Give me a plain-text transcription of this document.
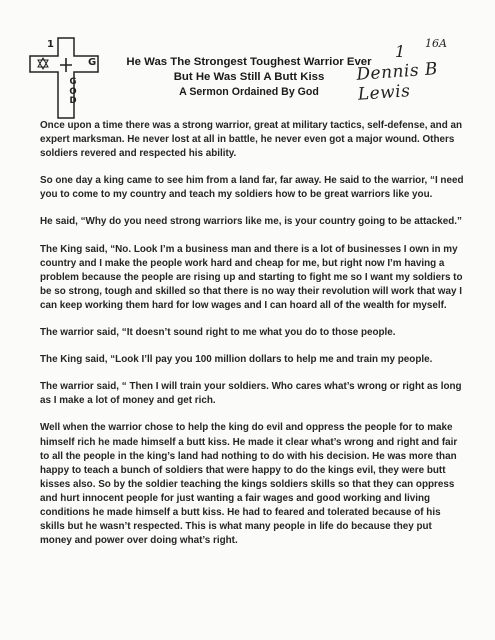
1
G
G
O
D
1 16A
Dennis B Lewis
He Was The Strongest Toughest Warrior Ever
But He Was Still A Butt Kiss
A Sermon Ordained By God

Once upon a time there was a strong warrior, great at military tactics, self-defense, and an expert marksman. He never lost at all in battle, he never even got a major wound. Others soldiers revered and respected his ability.

So one day a king came to see him from a land far, far away. He said to the warrior, “I need you to come to my country and teach my soldiers how to be great warriors like you.

He said, “Why do you need strong warriors like me, is your country going to be attacked.”

The King said, “No. Look I’m a business man and there is a lot of businesses I own in my country and I make the people work hard and cheap for me, but right now I’m having a problem because the people are rising up and starting to fight me so I want my soldiers to be so strong, tough and skilled so that there is no way their revolution will work that way I can keep working them hard for low wages and I can hoard all of the wealth for myself.

The warrior said, “It doesn’t sound right to me what you do to those people.

The King said, “Look I’ll pay you 100 million dollars to help me and train my people.

The warrior said, “ Then I will train your soldiers. Who cares what’s wrong or right as long as I make a lot of money and get rich.

Well when the warrior chose to help the king do evil and oppress the people for to make himself rich he made himself a butt kiss. He made it clear what’s wrong and right and fair to all the people in the king’s land had nothing to do with his decision. He was more than happy to teach a bunch of soldiers that were happy to do the kings evil, they were butt kisses also. So by the soldier teaching the kings soldiers skills so that they can oppress and hurt innocent people for just wanting a fair wages and good working and living conditions he made himself a butt kiss. He had to feared and tolerated because of his skills but he wasn’t respected. This is what many people in life do because they put money and power over doing what’s right.
